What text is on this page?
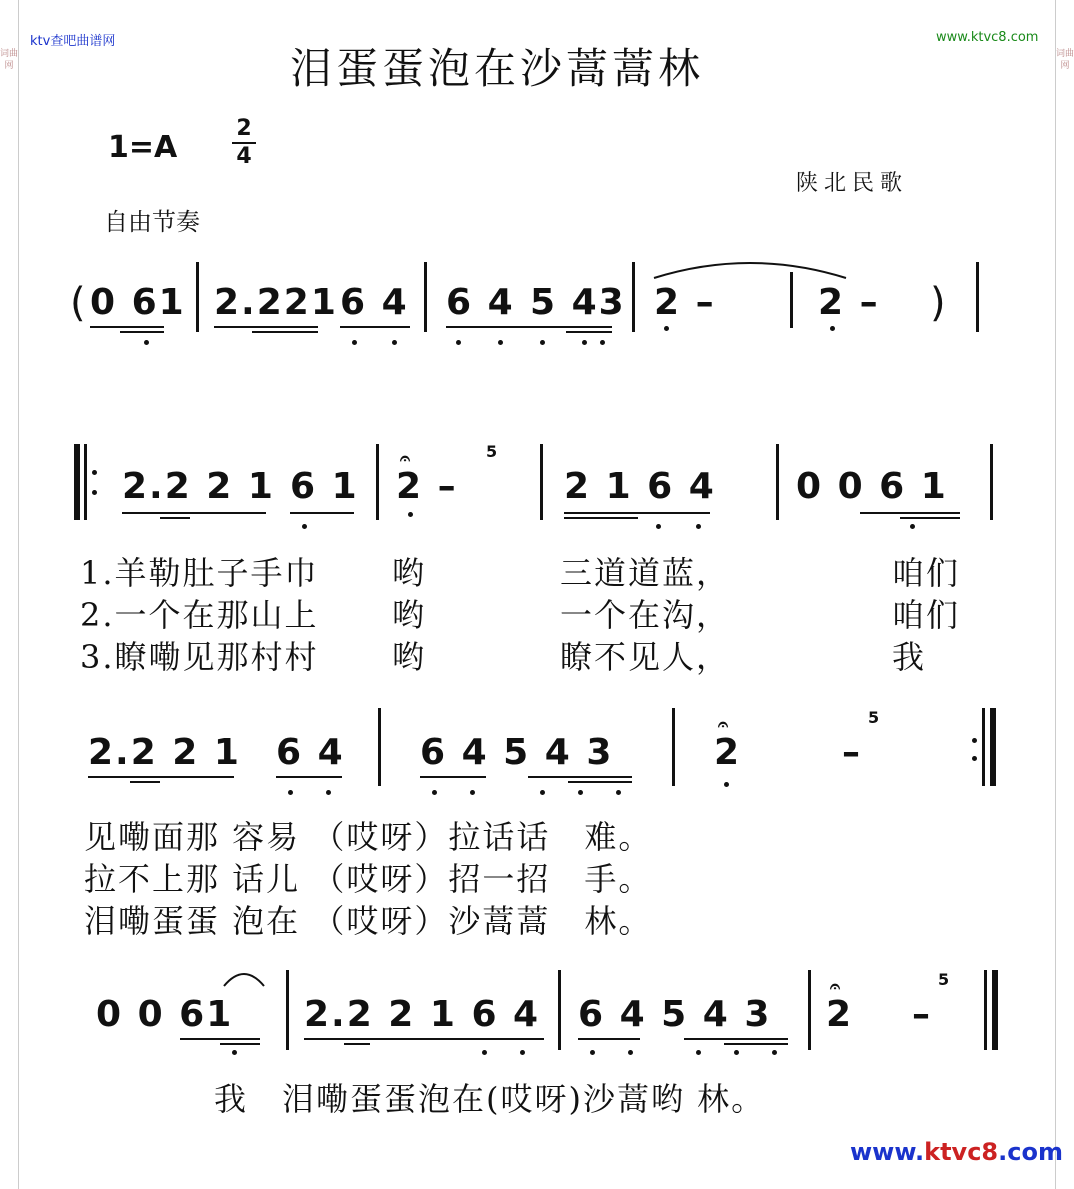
词曲网
词曲网
ktv查吧曲谱网	www.ktvc8.com
泪蛋蛋泡在沙蒿蒿林
1=A
2
4
陕北民歌
自由节奏
( 0 61 2.221 6 4 6 4 5 43 2 –	2 – )
2.2 2 1 6 1
𝄐
2 –
5
2 1 6 4 0 0 6 1
1.羊勒肚子手巾 哟	三道道蓝，	咱们
2.一个在那山上 哟	一个在沟，	咱们
3.瞭嘞见那村村 哟	瞭不见人，	我
2.2 2 1 6 4 6 4 5 4 3
𝄐
2	–
5
见嘞面那 容易 （哎呀）拉话话　难。
拉不上那 话儿 （哎呀）招一招　手。
泪嘞蛋蛋 泡在 （哎呀）沙蒿蒿　林。
0 0 61 2.2 2 1 6 4 6 4 5 4 3
𝄐
2 –
5
我　泪嘞蛋蛋泡在(哎呀)沙蒿哟 林。
www.ktvc8.com
